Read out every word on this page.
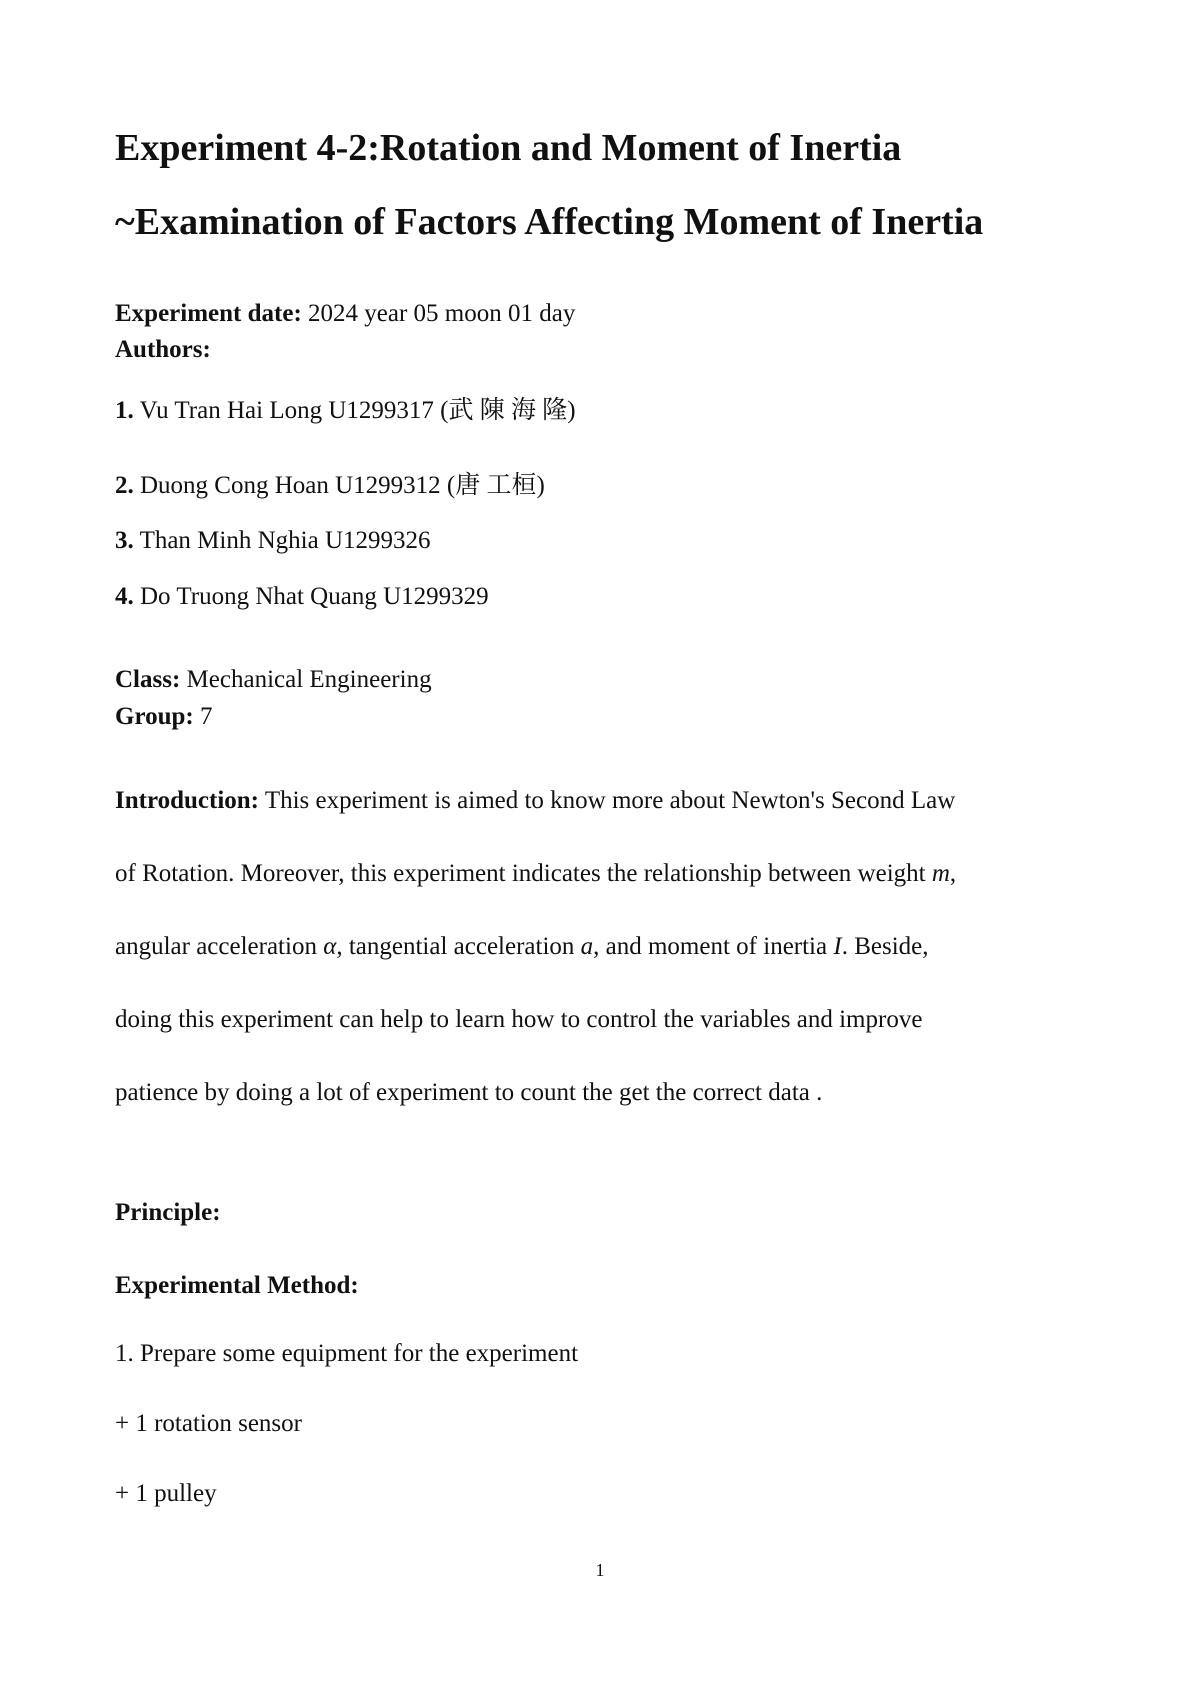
Experiment 4-2:Rotation and Moment of Inertia
~Examination of Factors Affecting Moment of Inertia
Experiment date: 2024 year 05 moon 01 day
Authors:
1. Vu Tran Hai Long U1299317 (武 陳 海 隆)
2. Duong Cong Hoan U1299312 (唐 工桓)
3. Than Minh Nghia U1299326
4. Do Truong Nhat Quang U1299329
Class: Mechanical Engineering
Group: 7
Introduction: This experiment is aimed to know more about Newton's Second Law
of Rotation. Moreover, this experiment indicates the relationship between weight m,
angular acceleration α, tangential acceleration a, and moment of inertia I. Beside,
doing this experiment can help to learn how to control the variables and improve
patience by doing a lot of experiment to count the get the correct data .
Principle:
Experimental Method:
1. Prepare some equipment for the experiment
+ 1 rotation sensor
+ 1 pulley
1
